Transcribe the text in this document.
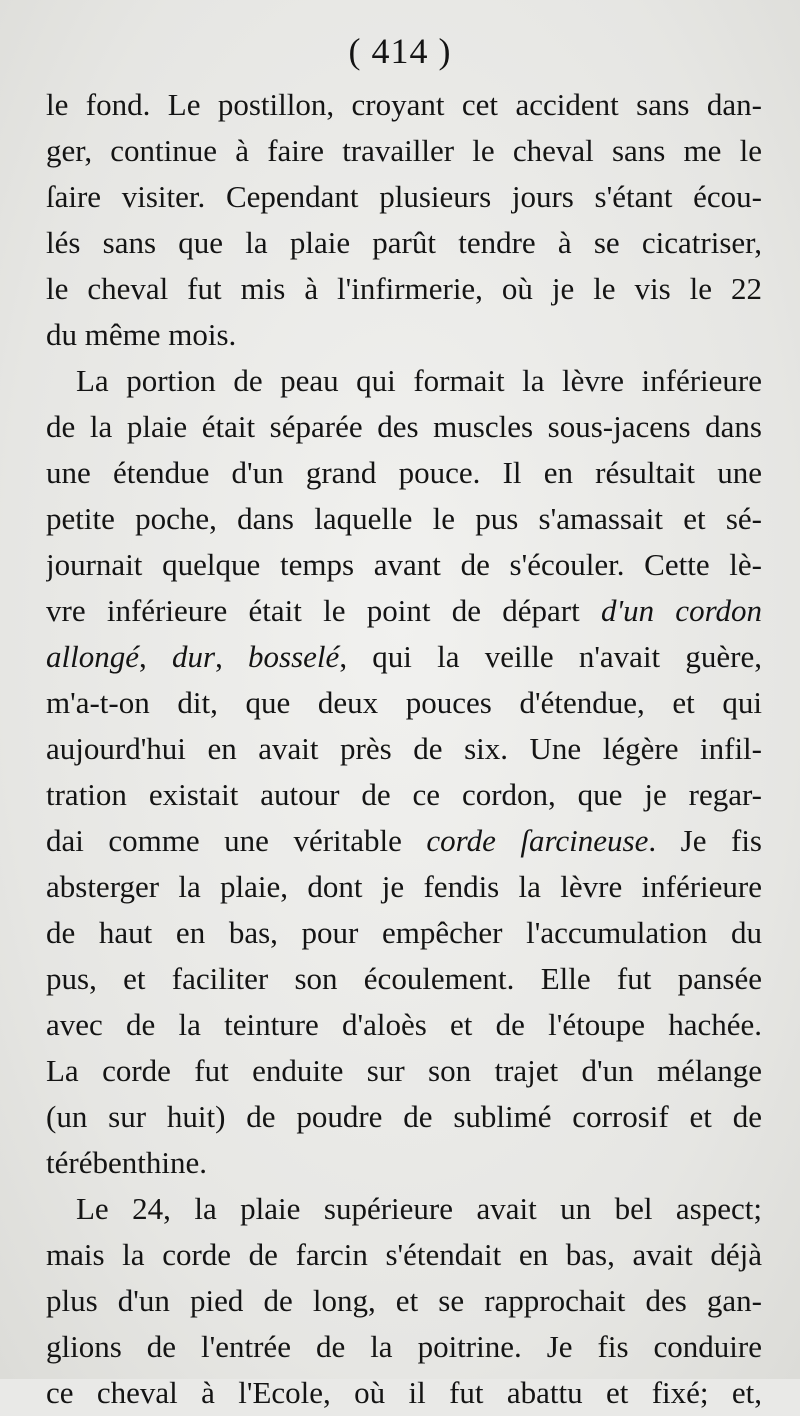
( 414 )
le fond. Le postillon, croyant cet accident sans dan-
ger, continue à faire travailler le cheval sans me le
ſaire visiter. Cependant plusieurs jours s'étant écou-
lés sans que la plaie parût tendre à se cicatriser,
le cheval fut mis à l'infirmerie, où je le vis le 22
du même mois.
La portion de peau qui formait la lèvre inférieure
de la plaie était séparée des muscles sous-jacens dans
une étendue d'un grand pouce. Il en résultait une
petite poche, dans laquelle le pus s'amassait et sé-
journait quelque temps avant de s'écouler. Cette lè-
vre inférieure était le point de départ d'un cordon
allongé, dur, bosselé, qui la veille n'avait guère,
m'a-t-on dit, que deux pouces d'étendue, et qui
aujourd'hui en avait près de six. Une légère infil-
tration existait autour de ce cordon, que je regar-
dai comme une véritable corde ſarcineuse. Je fis
absterger la plaie, dont je fendis la lèvre inférieure
de haut en bas, pour empêcher l'accumulation du
pus, et faciliter son écoulement. Elle fut pansée
avec de la teinture d'aloès et de l'étoupe hachée.
La corde fut enduite sur son trajet d'un mélange
(un sur huit) de poudre de sublimé corrosif et de
térébenthine.
Le 24, la plaie supérieure avait un bel aspect;
mais la corde de farcin s'étendait en bas, avait déjà
plus d'un pied de long, et se rapprochait des gan-
glions de l'entrée de la poitrine. Je fis conduire
ce cheval à l'Ecole, où il fut abattu et fixé; et,
